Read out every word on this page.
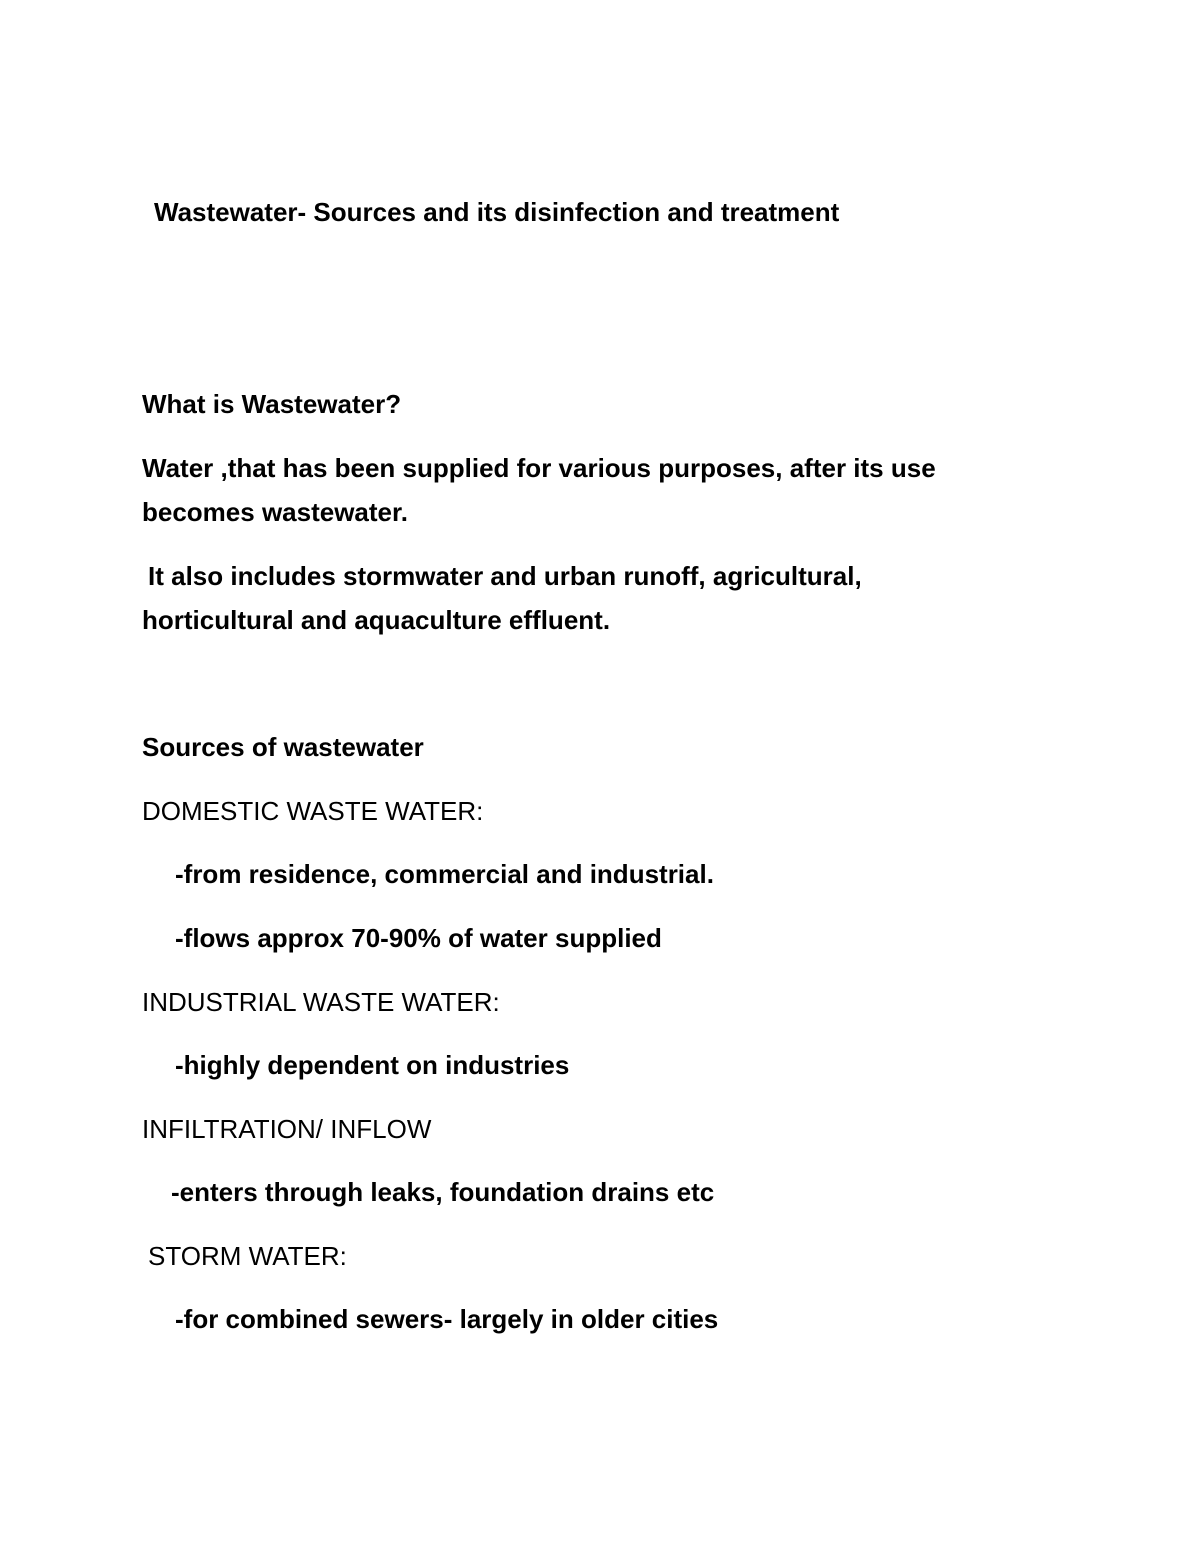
Wastewater- Sources and its disinfection and treatment
What is Wastewater?
Water ,that has been supplied for various purposes, after its use
becomes wastewater.
It also includes stormwater and urban runoff, agricultural,
horticultural and aquaculture effluent.
Sources of wastewater
DOMESTIC WASTE WATER:
-from residence, commercial and industrial.
-flows approx 70-90% of water supplied
INDUSTRIAL WASTE WATER:
-highly dependent on industries
INFILTRATION/ INFLOW
-enters through leaks, foundation drains etc
STORM WATER:
-for combined sewers- largely in older cities
